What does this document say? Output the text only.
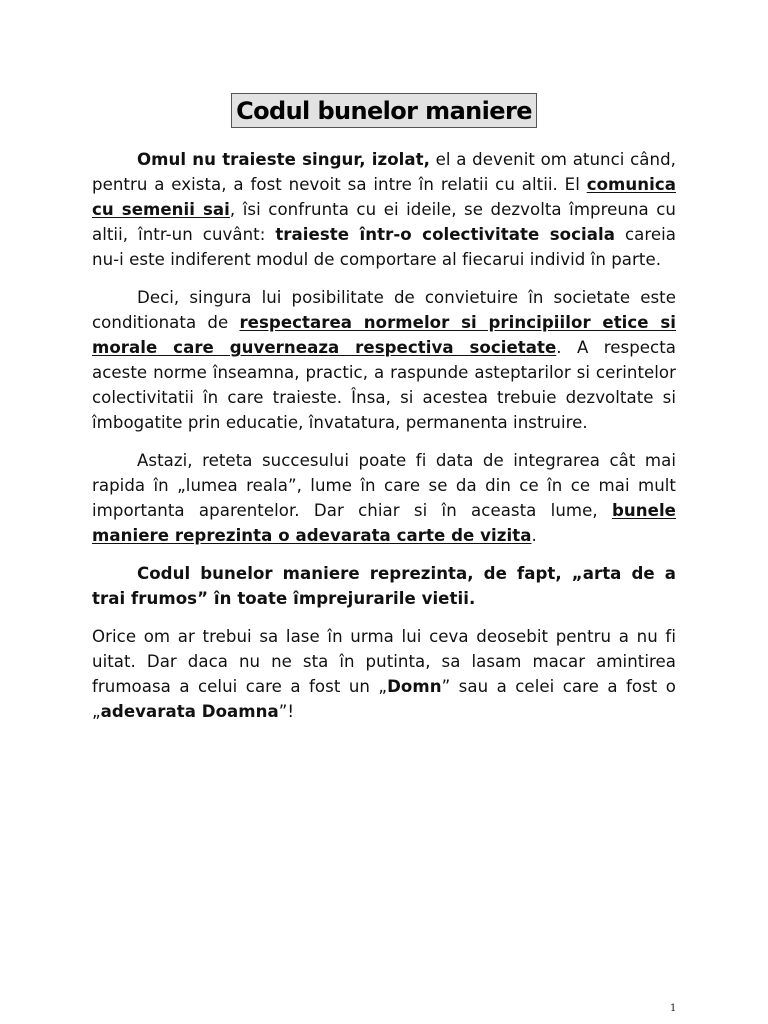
Codul bunelor maniere

Omul nu traieste singur, izolat, el a devenit om atunci când, pentru a exista, a fost nevoit sa intre în relatii cu altii. El comunica cu semenii sai, îsi confrunta cu ei ideile, se dezvolta împreuna cu altii, într-un cuvânt: traieste într-o colectivitate sociala careia nu-i este indiferent modul de comportare al fiecarui individ în parte.

Deci, singura lui posibilitate de convietuire în societate este conditionata de respectarea normelor si principiilor etice si morale care guverneaza respectiva societate. A respecta aceste norme înseamna, practic, a raspunde asteptarilor si cerintelor colectivitatii în care traieste. Însa, si acestea trebuie dezvoltate si îmbogatite prin educatie, învatatura, permanenta instruire.

Astazi, reteta succesului poate fi data de integrarea cât mai rapida în „lumea reala”, lume în care se da din ce în ce mai mult importanta aparentelor. Dar chiar si în aceasta lume, bunele maniere reprezinta o adevarata carte de vizita.

Codul bunelor maniere reprezinta, de fapt, „arta de a trai frumos” în toate împrejurarile vietii.

Orice om ar trebui sa lase în urma lui ceva deosebit pentru a nu fi uitat. Dar daca nu ne sta în putinta, sa lasam macar amintirea frumoasa a celui care a fost un „Domn” sau a celei care a fost o „adevarata Doamna”!

1
